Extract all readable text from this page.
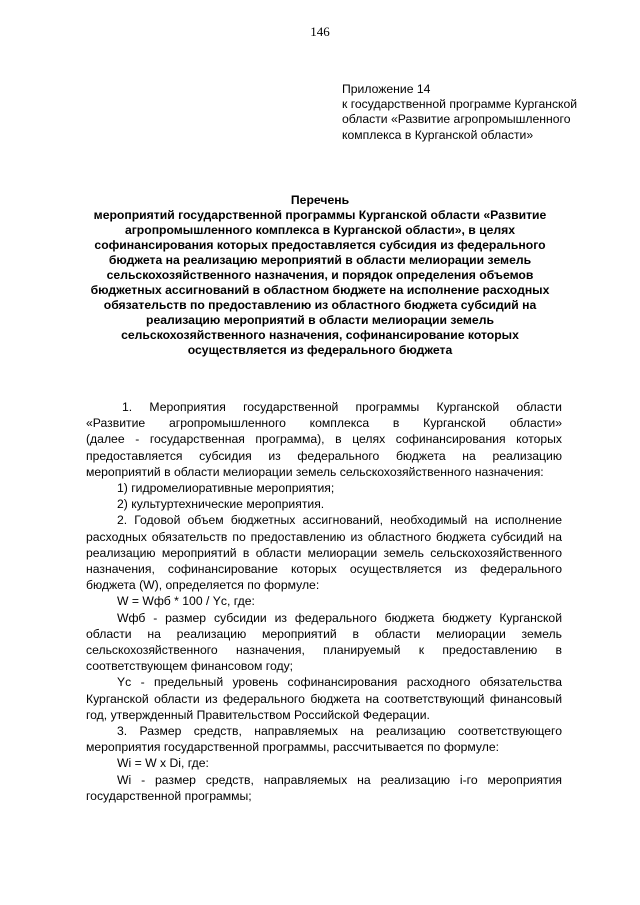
146
Приложение 14
к государственной программе Курганской
области «Развитие агропромышленного
комплекса в Курганской области»
Перечень
мероприятий государственной программы Курганской области «Развитие
агропромышленного комплекса в Курганской области», в целях
софинансирования которых предоставляется субсидия из федерального
бюджета на реализацию мероприятий в области мелиорации земель
сельскохозяйственного назначения, и порядок определения объемов
бюджетных ассигнований в областном бюджете на исполнение расходных
обязательств по предоставлению из областного бюджета субсидий на
реализацию мероприятий в области мелиорации земель
сельскохозяйственного назначения, софинансирование которых
осуществляется из федерального бюджета

1. Мероприятия государственной программы Курганской области

«Развитие агропромышленного комплекса в Курганской области»

(далее - государственная программа), в целях софинансирования которых

предоставляется субсидия из федерального бюджета на реализацию

мероприятий в области мелиорации земель сельскохозяйственного назначения:

1) гидромелиоративные мероприятия;

2) культуртехнические мероприятия.

2. Годовой объем бюджетных ассигнований, необходимый на исполнение

расходных обязательств по предоставлению из областного бюджета субсидий на

реализацию мероприятий в области мелиорации земель сельскохозяйственного

назначения, софинансирование которых осуществляется из федерального

бюджета (W), определяется по формуле:

W = Wфб * 100 / Yc, где:

Wфб - размер субсидии из федерального бюджета бюджету Курганской

области на реализацию мероприятий в области мелиорации земель

сельскохозяйственного назначения, планируемый к предоставлению в

соответствующем финансовом году;

Yc - предельный уровень софинансирования расходного обязательства

Курганской области из федерального бюджета на соответствующий финансовый

год, утвержденный Правительством Российской Федерации.

3. Размер средств, направляемых на реализацию соответствующего

мероприятия государственной программы, рассчитывается по формуле:

Wi = W x Di, где:

Wi - размер средств, направляемых на реализацию i-го мероприятия

государственной программы;
